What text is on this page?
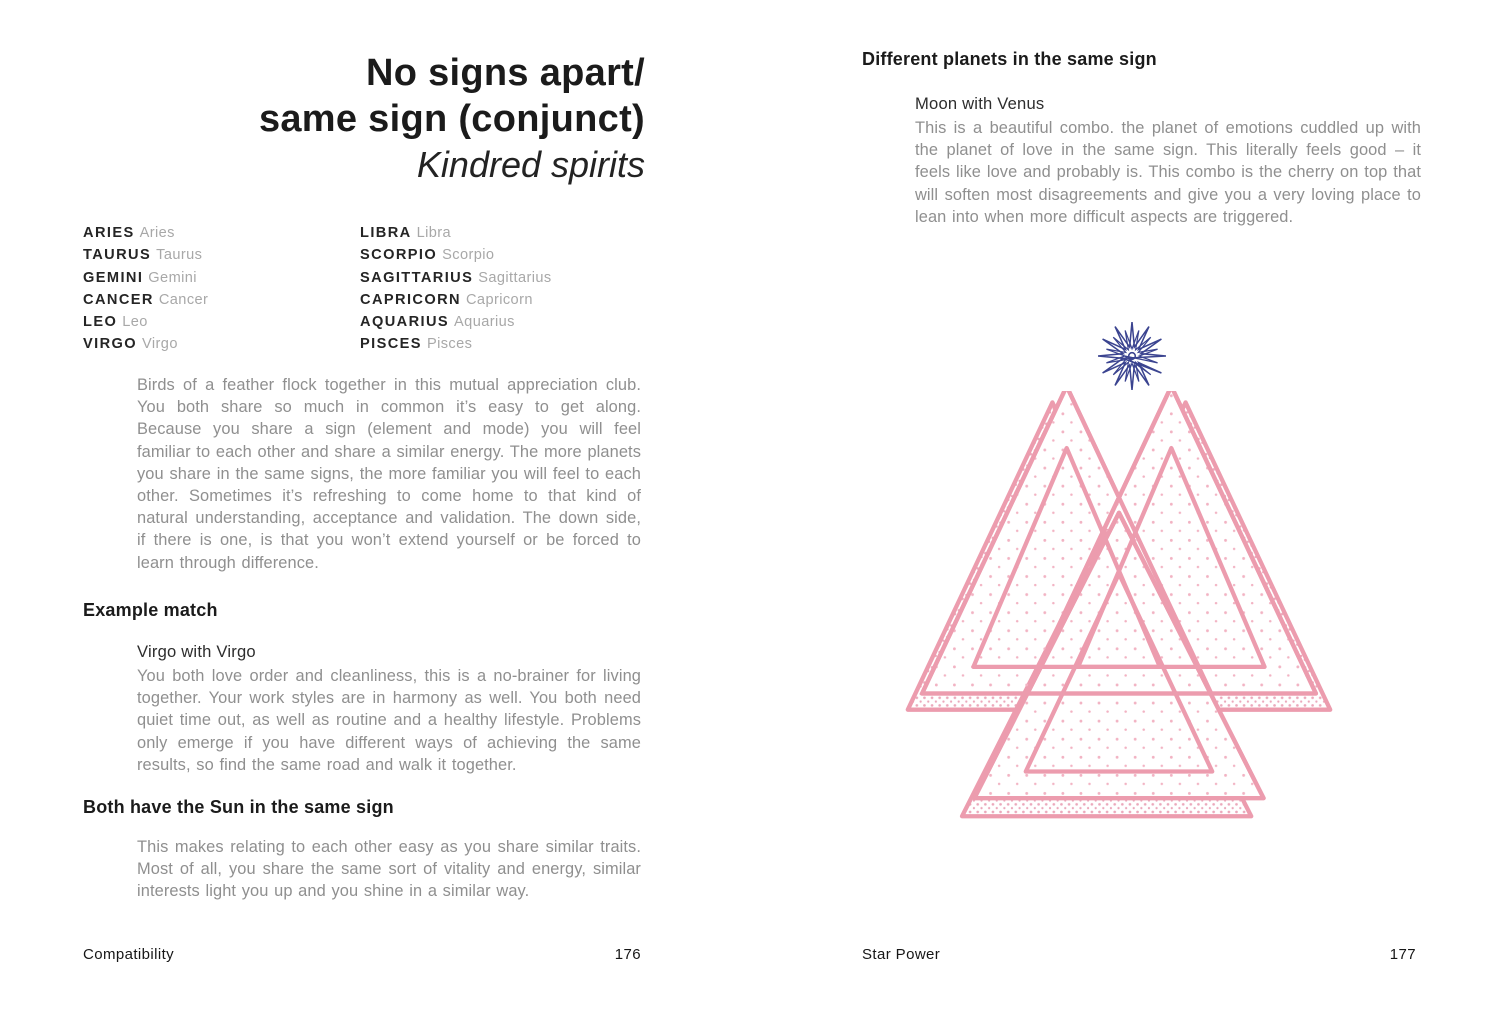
No signs apart/
same sign (conjunct)
Kindred spirits
ARIES Aries
TAURUS Taurus
GEMINI Gemini
CANCER Cancer
LEO Leo
VIRGO Virgo
LIBRA Libra
SCORPIO Scorpio
SAGITTARIUS Sagittarius
CAPRICORN Capricorn
AQUARIUS Aquarius
PISCES Pisces

Birds of a feather flock together in this mutual appreciation club. You both share so much in common it’s easy to get along. Because you share a sign (element and mode) you will feel familiar to each other and share a similar energy. The more planets you share in the same signs, the more familiar you will feel to each other. Sometimes it’s refreshing to come home to that kind of natural understanding, acceptance and validation. The down side, if there is one, is that you won’t extend yourself or be forced to learn through difference.

Example match
Virgo with Virgo

You both love order and cleanliness, this is a no-brainer for living together. Your work styles are in harmony as well. You both need quiet time out, as well as routine and a healthy lifestyle. Problems only emerge if you have different ways of achieving the same results, so find the same road and walk it together.

Both have the Sun in the same sign

This makes relating to each other easy as you share similar traits. Most of all, you share the same sort of vitality and energy, similar interests light you up and you shine in a similar way.

Compatibility	176
Different planets in the same sign
Moon with Venus

This is a beautiful combo. the planet of emotions cuddled up with the planet of love in the same sign. This literally feels good – it feels like love and probably is. This combo is the cherry on top that will soften most disagreements and give you a very loving place to lean into when more difficult aspects are triggered.

Star Power	177
